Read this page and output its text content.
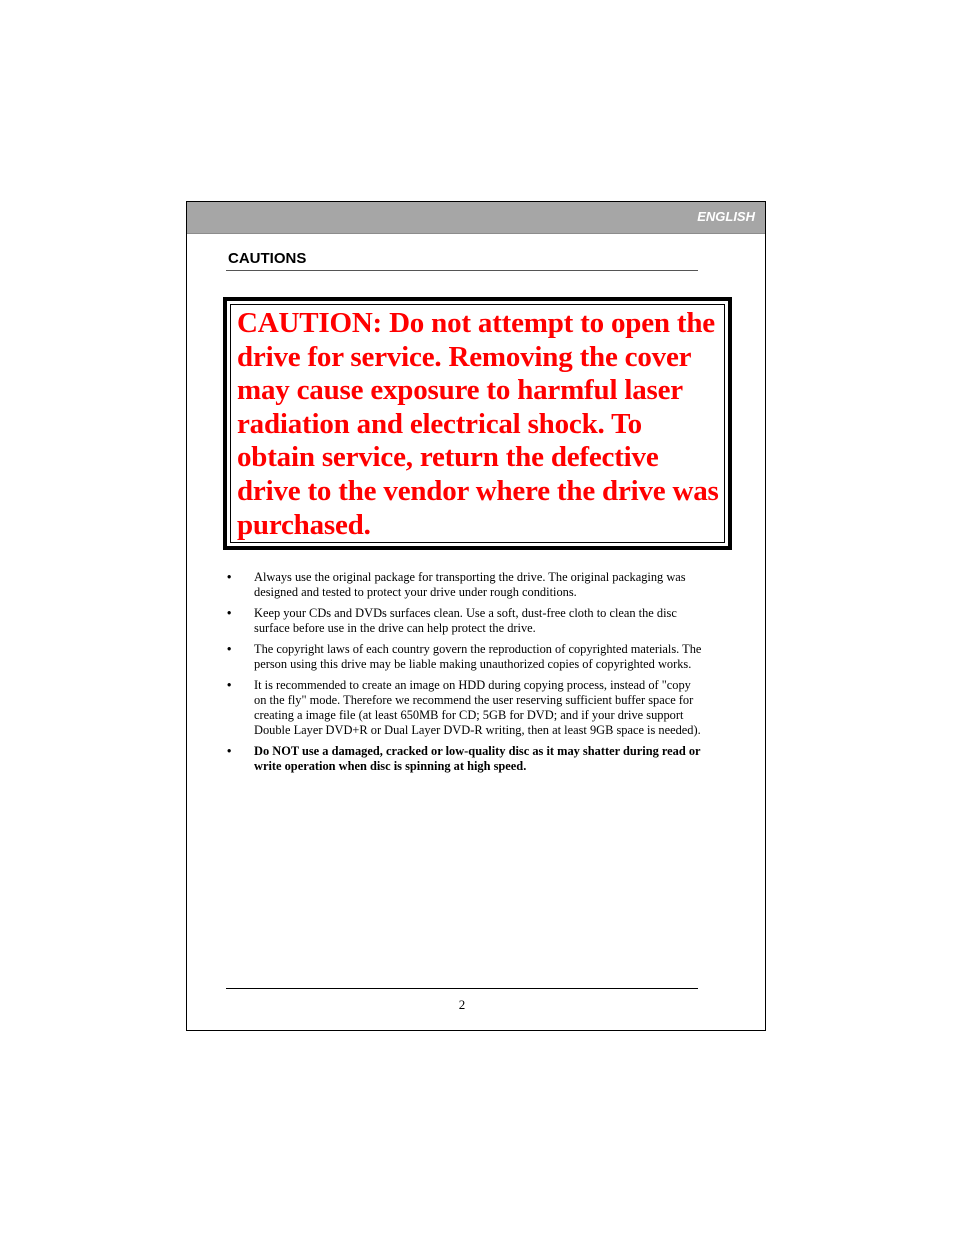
ENGLISH
CAUTIONS

CAUTION: Do not attempt to open the drive for service. Removing the cover may cause exposure to harmful laser radiation and electrical shock. To obtain service, return the defective drive to the vendor where the drive was purchased.

• Always use the original package for transporting the drive. The original packaging was designed and tested to protect your drive under rough conditions.
• Keep your CDs and DVDs surfaces clean. Use a soft, dust-free cloth to clean the disc surface before use in the drive can help protect the drive.
• The copyright laws of each country govern the reproduction of copyrighted materials. The person using this drive may be liable making unauthorized copies of copyrighted works.
• It is recommended to create an image on HDD during copying process, instead of "copy on the fly" mode. Therefore we recommend the user reserving sufficient buffer space for creating a image file (at least 650MB for CD; 5GB for DVD; and if your drive support Double Layer DVD+R or Dual Layer DVD-R writing, then at least 9GB space is needed).
• Do NOT use a damaged, cracked or low-quality disc as it may shatter during read or write operation when disc is spinning at high speed.
2
